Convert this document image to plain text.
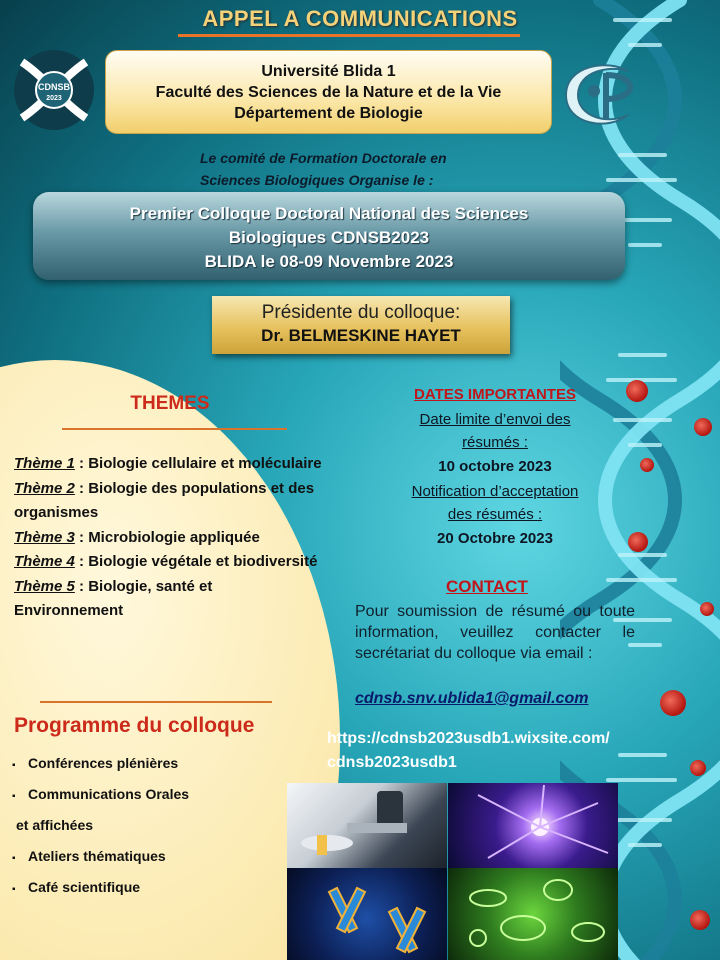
APPEL A COMMUNICATIONS
CDNSB
2023
Université Blida 1
Faculté des Sciences de la Nature et de la Vie
Département de Biologie
Le comité de Formation Doctorale en
Sciences Biologiques Organise le :
Premier Colloque Doctoral National des Sciences
Biologiques CDNSB2023
BLIDA le 08-09 Novembre 2023
Présidente du colloque:
Dr. BELMESKINE HAYET
THEMES
Thème 1 : Biologie cellulaire et moléculaire
Thème 2 : Biologie des populations et des organismes
Thème 3 : Microbiologie appliquée
Thème 4 : Biologie végétale et biodiversité
Thème 5 : Biologie, santé et Environnement
Programme du colloque
▪ Conférences plénières
▪ Communications Orales
et affichées
▪ Ateliers thématiques
▪ Café scientifique
DATES IMPORTANTES
Date limite d’envoi des
résumés :
10 octobre 2023
Notification d’acceptation
des résumés :
20 Octobre 2023
CONTACT
Pour soumission de résumé ou toute information, veuillez contacter le secrétariat du colloque via email :
cdnsb.snv.ublida1@gmail.com
https://cdnsb2023usdb1.wixsite.com/
cdnsb2023usdb1
